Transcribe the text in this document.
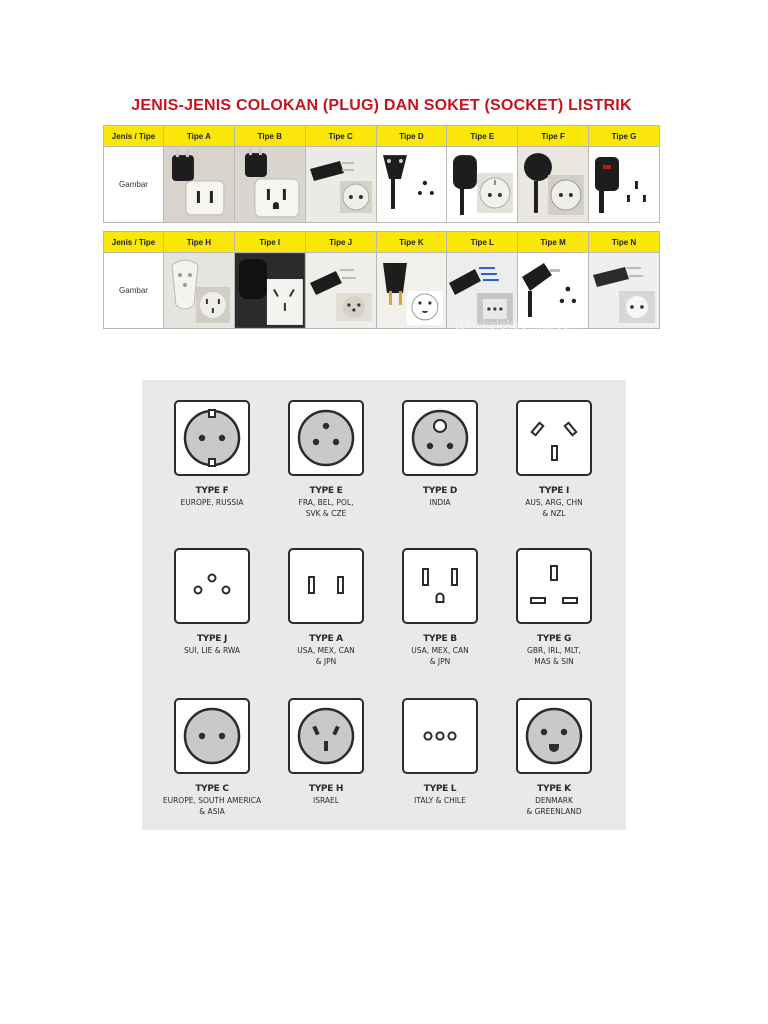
JENIS-JENIS COLOKAN (PLUG) DAN SOKET (SOCKET) LISTRIK
Jenis / Tipe	Tipe A	Tipe B	Tipe C	Tipe D	Tipe E	Tipe F	Tipe G
Gambar	

Jenis / Tipe	Tipe H	Tipe I	Tipe J	Tipe K	Tipe L	Tipe M	Tipe N
Gambar	

teknikelektronika.com
TYPE F
EUROPE, RUSSIA
TYPE E
FRA, BEL, POL,
SVK & CZE
TYPE D
INDIA
TYPE I
AUS, ARG, CHN
& NZL
TYPE J
SUI, LIE & RWA
TYPE A
USA, MEX, CAN
& JPN
TYPE B
USA, MEX, CAN
& JPN
TYPE G
GBR, IRL, MLT,
MAS & SIN
TYPE C
EUROPE, SOUTH AMERICA
& ASIA
TYPE H
ISRAEL
TYPE L
ITALY & CHILE
TYPE K
DENMARK
& GREENLAND
